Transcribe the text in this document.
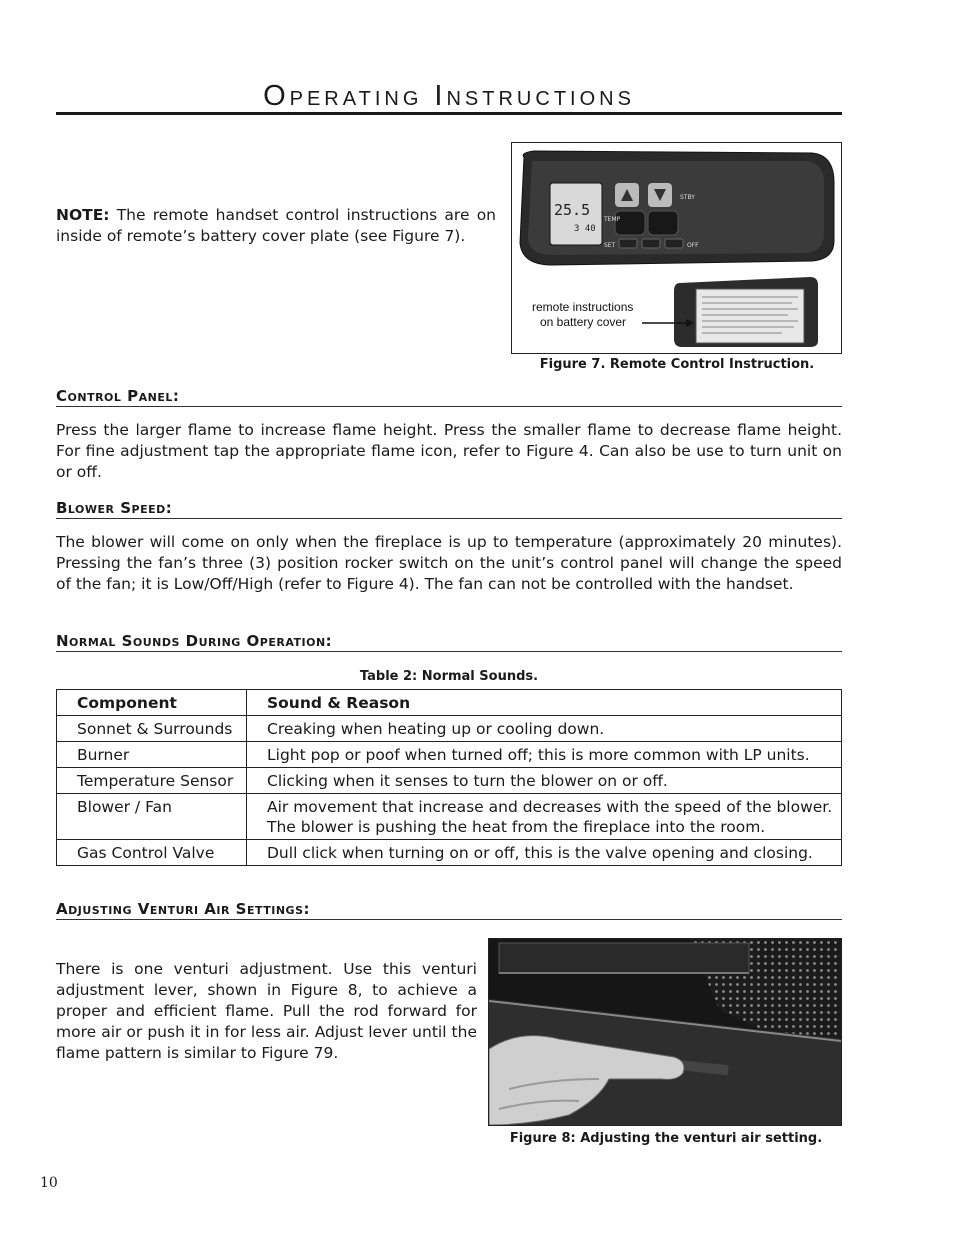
Operating Instructions
NOTE: The remote handset control instructions are on inside of remote’s battery cover plate (see Figure 7).
25.5
3 40
SET
TEMP
STBY
OFF
remote instructions
on battery cover
Figure 7. Remote Control Instruction.
Control Panel:
Press the larger flame to increase flame height. Press the smaller flame to decrease flame height. For fine adjustment tap the appropriate flame icon, refer to Figure 4. Can also be use to turn unit on or off.
Blower Speed:
The blower will come on only when the fireplace is up to temperature (approximately 20 minutes). Pressing the fan’s three (3) position rocker switch on the unit’s control panel will change the speed of the fan; it is Low/Off/High (refer to Figure 4). The fan can not be controlled with the handset.
Normal Sounds During Operation:
Table 2: Normal Sounds.
Component	Sound & Reason
Sonnet & Surrounds	Creaking when heating up or cooling down.
Burner	Light pop or poof when turned off; this is more common with LP units.
Temperature Sensor	Clicking when it senses to turn the blower on or off.
Blower / Fan	Air movement that increase and decreases with the speed of the blower. The blower is pushing the heat from the fireplace into the room.
Gas Control Valve	Dull click when turning on or off, this is the valve opening and closing.
Adjusting Venturi Air Settings:
There is one venturi adjustment. Use this venturi adjustment lever, shown in Figure 8, to achieve a proper and efficient flame. Pull the rod forward for more air or push it in for less air. Adjust lever until the flame pattern is similar to Figure 79.
Figure 8: Adjusting the venturi air setting.
10
